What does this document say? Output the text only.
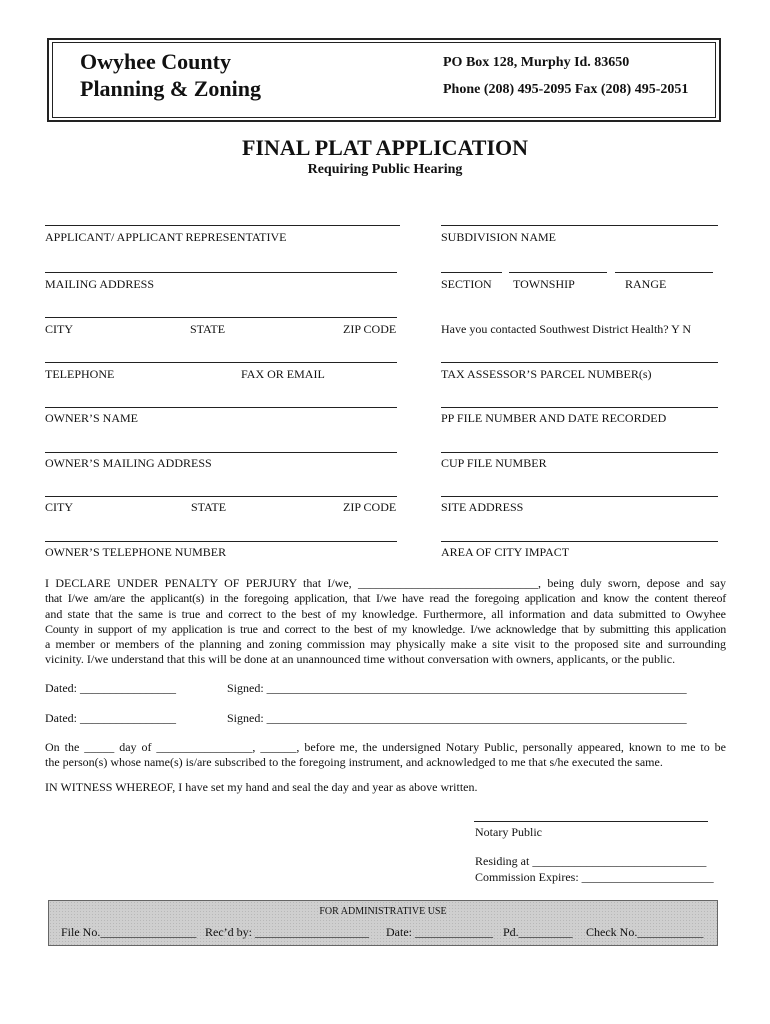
Owyhee County
Planning & Zoning
PO Box 128, Murphy Id. 83650
Phone (208) 495-2095 Fax (208) 495-2051
FINAL PLAT APPLICATION
Requiring Public Hearing
APPLICANT/ APPLICANT REPRESENTATIVE	SUBDIVISION NAME
MAILING ADDRESS	SECTION TOWNSHIP	RANGE
CITY	STATE	ZIP CODE	Have you contacted Southwest District Health? Y N
TELEPHONE	FAX OR EMAIL	TAX ASSESSOR’S PARCEL NUMBER(s)
OWNER’S NAME	PP FILE NUMBER AND DATE RECORDED
OWNER’S MAILING ADDRESS	CUP FILE NUMBER
CITY	STATE	ZIP CODE	SITE ADDRESS
OWNER’S TELEPHONE NUMBER	AREA OF CITY IMPACT
I DECLARE UNDER PENALTY OF PERJURY that I/we, ______________________________, being duly sworn, depose and say
that I/we am/are the applicant(s) in the foregoing application, that I/we have read the foregoing application and know the content thereof
and state that the same is true and correct to the best of my knowledge. Furthermore, all information and data submitted to Owyhee
County in support of my application is true and correct to the best of my knowledge. I/we acknowledge that by submitting this application
a member or members of the planning and zoning commission may physically make a site visit to the proposed site and surrounding
vicinity. I/we understand that this will be done at an unannounced time without conversation with owners, applicants, or the public.
Dated: ________________	Signed: ______________________________________________________________________
Dated: ________________	Signed: ______________________________________________________________________
On the _____ day of ________________, ______, before me, the undersigned Notary Public, personally appeared, known to me to be
the person(s) whose name(s) is/are subscribed to the foregoing instrument, and acknowledged to me that s/he executed the same.
IN WITNESS WHEREOF, I have set my hand and seal the day and year as above written.
Notary Public
Residing at _____________________________
Commission Expires: ______________________
FOR ADMINISTRATIVE USE
File No.________________ Rec’d by: ___________________ Date: _____________ Pd._________ Check No.___________
